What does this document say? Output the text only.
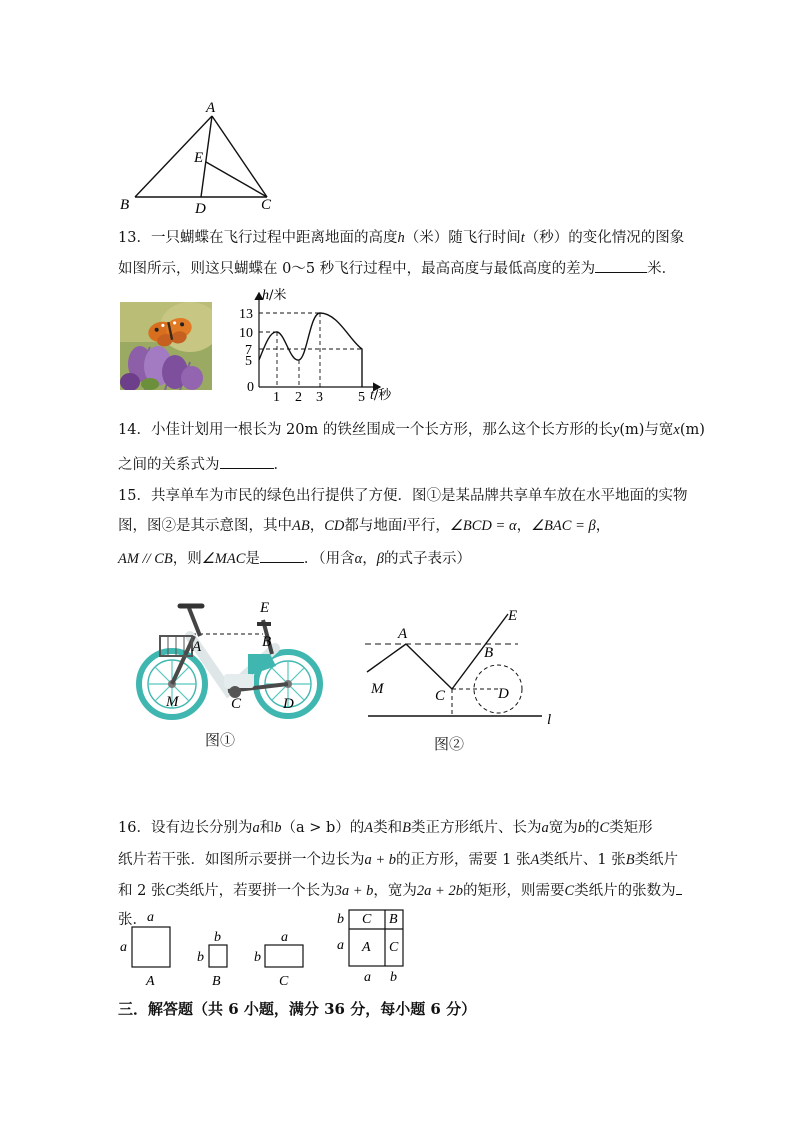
A
E
B	D	C
13．一只蝴蝶在飞行过程中距离地面的高度h（米）随飞行时间t（秒）的变化情况的图象
如图所示，则这只蝴蝶在 0～5 秒飞行过程中，最高高度与最低高度的差为	米．
h/米
13
10
7
5
0
1 2 3	5 t/秒
14．小佳计划用一根长为 20m 的铁丝围成一个长方形，那么这个长方形的长y(m)与宽x(m)
之间的关系式为	．
15．共享单车为市民的绿色出行提供了方便．图①是某品牌共享单车放在水平地面的实物
图，图②是其示意图，其中AB，CD都与地面l平行，∠BCD = α，∠BAC = β，
AM // CB，则∠MAC是	．（用含α，β的式子表示）
E
B
A
M	C	D
图①
A
E
B
M	C	D
l
图②
16．设有边长分别为a和b（a > b）的A类和B类正方形纸片、长为a宽为b的C类矩形
纸片若干张．如图所示要拼一个边长为a + b的正方形，需要 1 张A类纸片、1 张B类纸片
和 2 张C类纸片，若要拼一个长为3a + b，宽为2a + 2b的矩形，则需要C类纸片的张数为
张． a
a
A
b
b
B
a
b
C
b
a
C B
A C
a b
三．解答题（共 6 小题，满分 36 分，每小题 6 分）
